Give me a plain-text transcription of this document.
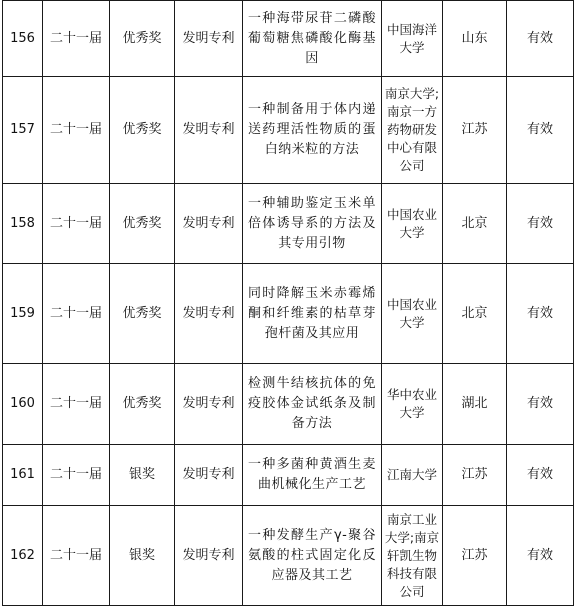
156	二十一届	优秀奖	发明专利	一种海带尿苷二磷酸葡萄糖焦磷酸化酶基因	中国海洋大学	山东	有效
157	二十一届	优秀奖	发明专利	一种制备用于体内递送药理活性物质的蛋白纳米粒的方法	南京大学;南京一方药物研发中心有限公司	江苏	有效
158	二十一届	优秀奖	发明专利	一种辅助鉴定玉米单倍体诱导系的方法及其专用引物	中国农业大学	北京	有效
159	二十一届	优秀奖	发明专利	同时降解玉米赤霉烯酮和纤维素的枯草芽孢杆菌及其应用	中国农业大学	北京	有效
160	二十一届	优秀奖	发明专利	检测牛结核抗体的免疫胶体金试纸条及制备方法	华中农业大学	湖北	有效
161	二十一届	银奖	发明专利	一种多菌种黄酒生麦曲机械化生产工艺	江南大学	江苏	有效
162	二十一届	银奖	发明专利	一种发酵生产γ-聚谷氨酸的柱式固定化反应器及其工艺	南京工业大学;南京轩凯生物科技有限公司	江苏	有效
